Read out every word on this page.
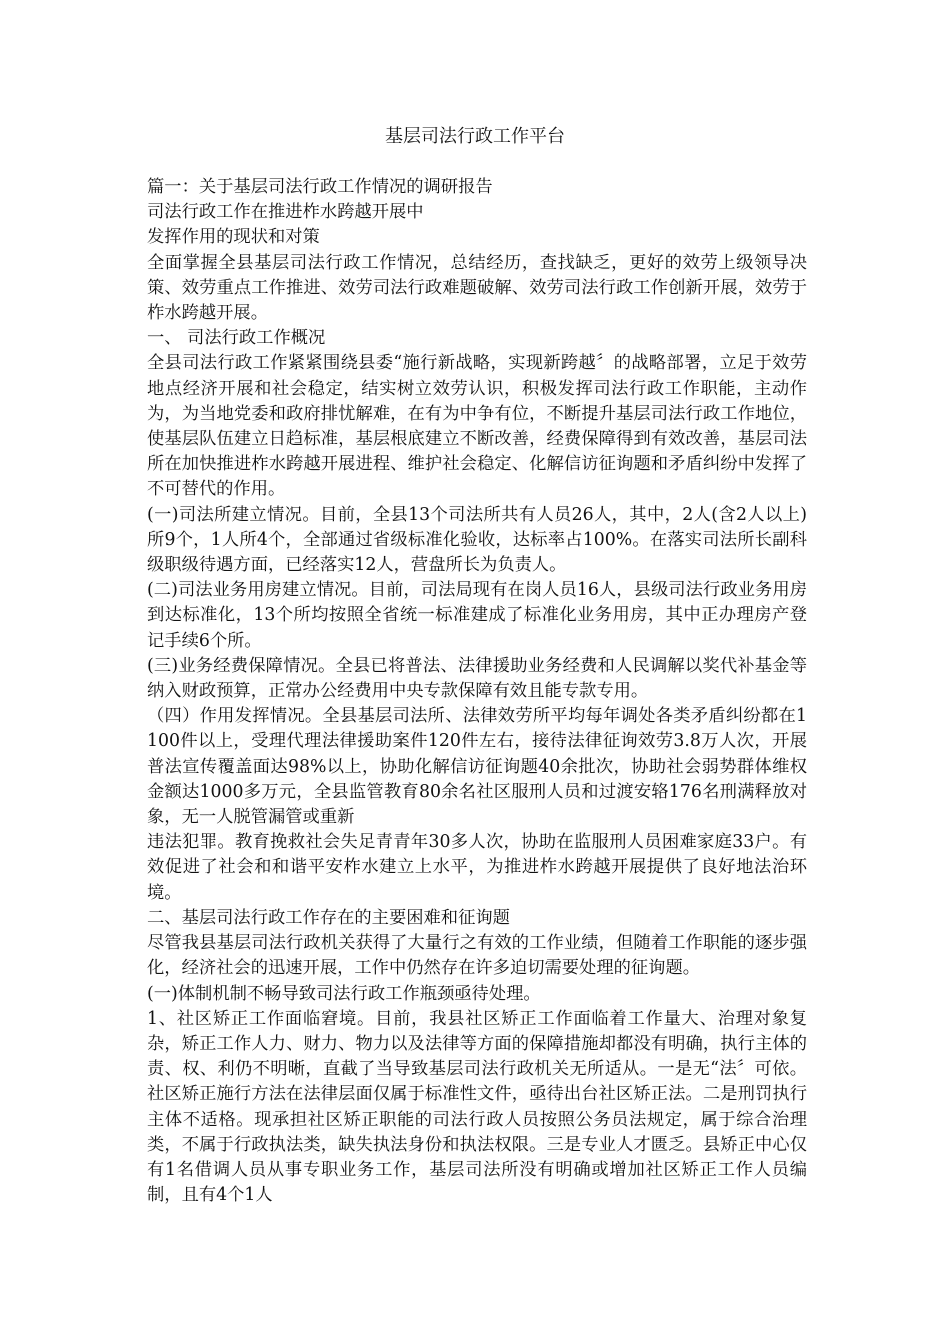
基层司法行政工作平台

篇一：关于基层司法行政工作情况的调研报告

司法行政工作在推进柞水跨越开展中

发挥作用的现状和对策

全面掌握全县基层司法行政工作情况，总结经历，查找缺乏，更好的效劳上级领导决策、效劳重点工作推进、效劳司法行政难题破解、效劳司法行政工作创新开展，效劳于柞水跨越开展。

一、 司法行政工作概况

全县司法行政工作紧紧围绕县委“施行新战略，实现新跨越〞的战略部署，立足于效劳地点经济开展和社会稳定，结实树立效劳认识，积极发挥司法行政工作职能，主动作为，为当地党委和政府排忧解难，在有为中争有位，不断提升基层司法行政工作地位，使基层队伍建立日趋标准，基层根底建立不断改善，经费保障得到有效改善，基层司法所在加快推进柞水跨越开展进程、维护社会稳定、化解信访征询题和矛盾纠纷中发挥了不可替代的作用。

(一)司法所建立情况。目前，全县13个司法所共有人员26人，其中，2人(含2人以上)所9个，1人所4个，全部通过省级标准化验收，达标率占100%。在落实司法所长副科级职级待遇方面，已经落实12人，营盘所长为负责人。

(二)司法业务用房建立情况。目前，司法局现有在岗人员16人，县级司法行政业务用房到达标准化，13个所均按照全省统一标准建成了标准化业务用房，其中正办理房产登记手续6个所。

(三)业务经费保障情况。全县已将普法、法律援助业务经费和人民调解以奖代补基金等纳入财政预算，正常办公经费用中央专款保障有效且能专款专用。

（四）作用发挥情况。全县基层司法所、法律效劳所平均每年调处各类矛盾纠纷都在1100件以上，受理代理法律援助案件120件左右，接待法律征询效劳3.8万人次，开展普法宣传覆盖面达98%以上，协助化解信访征询题40余批次，协助社会弱势群体维权金额达1000多万元，全县监管教育80余名社区服刑人员和过渡安辂176名刑满释放对象，无一人脱管漏管或重新

违法犯罪。教育挽救社会失足青青年30多人次，协助在监服刑人员困难家庭33户。有效促进了社会和和谐平安柞水建立上水平，为推进柞水跨越开展提供了良好地法治环境。

二、基层司法行政工作存在的主要困难和征询题

尽管我县基层司法行政机关获得了大量行之有效的工作业绩，但随着工作职能的逐步强化，经济社会的迅速开展，工作中仍然存在许多迫切需要处理的征询题。

(一)体制机制不畅导致司法行政工作瓶颈亟待处理。

1、社区矫正工作面临窘境。目前，我县社区矫正工作面临着工作量大、治理对象复杂，矫正工作人力、财力、物力以及法律等方面的保障措施却都没有明确，执行主体的责、权、利仍不明晰，直截了当导致基层司法行政机关无所适从。一是无“法〞可依。社区矫正施行方法在法律层面仅属于标准性文件，亟待出台社区矫正法。二是刑罚执行主体不适格。现承担社区矫正职能的司法行政人员按照公务员法规定，属于综合治理类，不属于行政执法类，缺失执法身份和执法权限。三是专业人才匮乏。县矫正中心仅有1名借调人员从事专职业务工作，基层司法所没有明确或增加社区矫正工作人员编制，且有4个1人
